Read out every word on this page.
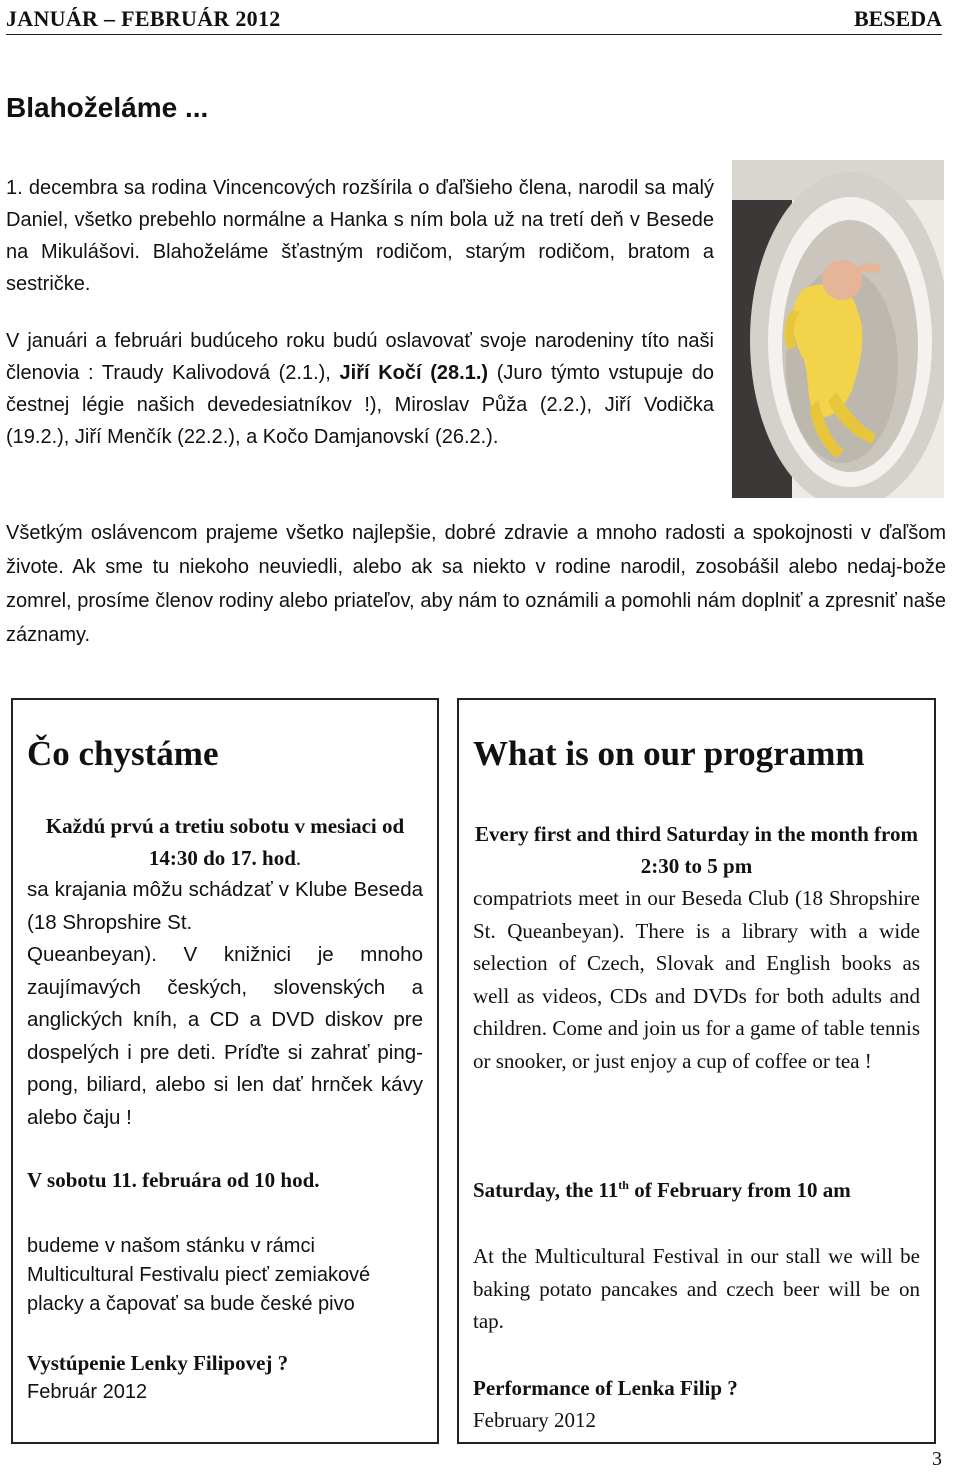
JANUÁR – FEBRUÁR 2012	BESEDA
Blahoželáme ...
1. decembra sa rodina Vincencových rozšírila o ďaľšieho člena, narodil sa malý Daniel, všetko prebehlo normálne a Hanka s ním bola už na tretí deň v Besede na Mikulášovi. Blahoželáme šťastným rodičom, starým rodičom, bratom a sestričke.
V januári a februári budúceho roku budú oslavovať svoje narodeniny títo naši členovia : Traudy Kalivodová (2.1.), Jiří Kočí (28.1.) (Juro týmto vstupuje do čestnej légie našich devedesiatníkov !), Miroslav Půža (2.2.), Jiří Vodička (19.2.), Jiří Menčík (22.2.), a Kočo Damjanovskí (26.2.).
Všetkým oslávencom prajeme všetko najlepšie, dobré zdravie a mnoho radosti a spokojnosti v ďaľšom živote. Ak sme tu niekoho neuviedli, alebo ak sa niekto v rodine narodil, zosobášil alebo nedaj-bože zomrel, prosíme členov rodiny alebo priateľov, aby nám to oznámili a pomohli nám doplniť a zpresniť naše záznamy.
Čo chystáme
Každú prvú a tretiu sobotu v mesiaci od 14:30 do 17. hod.
sa krajania môžu schádzať v Klube Beseda (18 Shropshire St.
Queanbeyan). V knižnici je mnoho zaujímavých českých, slovenských a anglických kníh, a CD a DVD diskov pre dospelých i pre deti. Príďte si zahrať ping-pong, biliard, alebo si len dať hrnček kávy alebo čaju !
V sobotu 11. februára od 10 hod.
budeme v našom stánku v rámci Multicultural Festivalu piecť zemiakové placky a čapovať sa bude české pivo
Vystúpenie Lenky Filipovej ?
Február 2012
What is on our programm
Every first and third Saturday in the month from 2:30 to 5 pm
compatriots meet in our Beseda Club (18 Shropshire St. Queanbeyan). There is a library with a wide selection of Czech, Slovak and English books as well as videos, CDs and DVDs for both adults and children. Come and join us for a game of table tennis or snooker, or just enjoy a cup of coffee or tea !
Saturday, the 11th of February from 10 am
At the Multicultural Festival in our stall we will be baking potato pancakes and czech beer will be on tap.
Performance of Lenka Filip ?
February 2012
3
